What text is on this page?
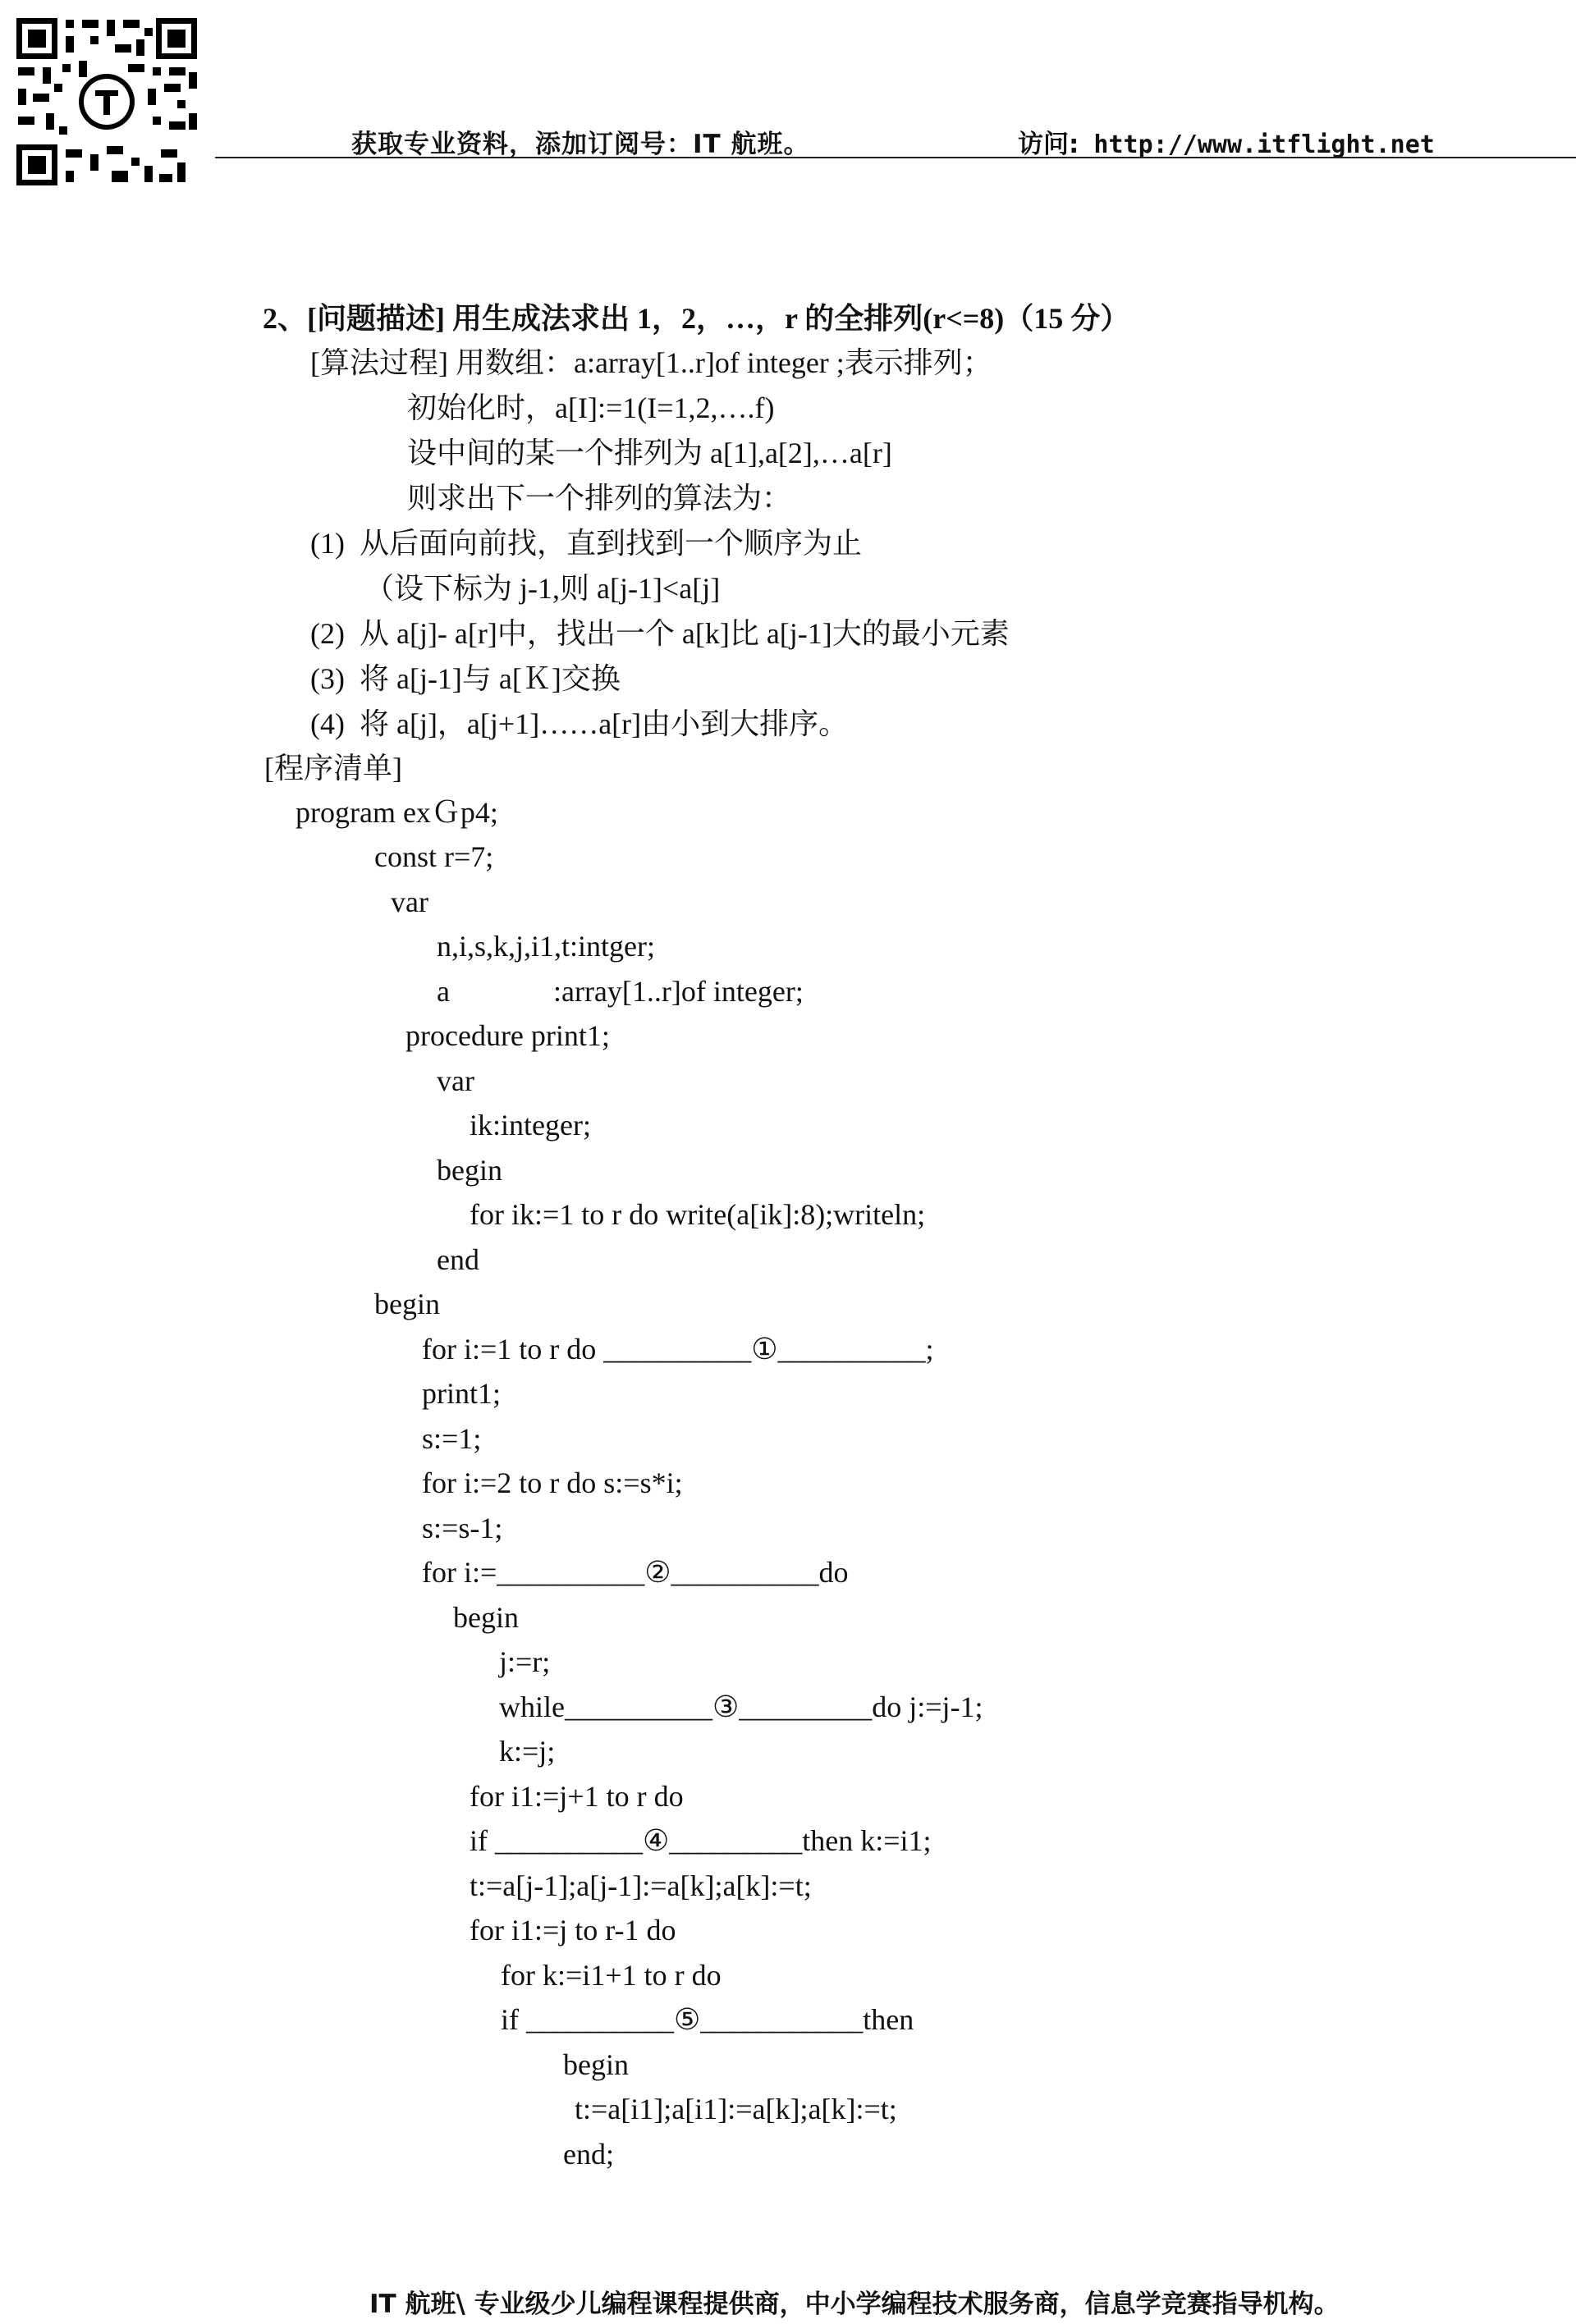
获取专业资料，添加订阅号：IT 航班。	访问: http://www.itflight.net
2、[问题描述] 用生成法求出 1，2，…，r 的全排列(r<=8)（15 分）
[算法过程] 用数组：a:array[1..r]of integer ;表示排列；
初始化时，a[I]:=1(I=1,2,….f)
设中间的某一个排列为 a[1],a[2],…a[r]
则求出下一个排列的算法为：
(1)  从后面向前找，直到找到一个顺序为止
（设下标为 j-1,则 a[j-1]<a[j]
(2)  从 a[j]- a[r]中，找出一个 a[k]比 a[j-1]大的最小元素
(3)  将 a[j-1]与 a[Ｋ]交换
(4)  将 a[j]，a[j+1]……a[r]由小到大排序。
[程序清单]
program exＧp4;
const r=7;
var
n,i,s,k,j,i1,t:intger;
a              :array[1..r]of integer;
procedure print1;
var
ik:integer;
begin
for ik:=1 to r do write(a[ik]:8);writeln;
end
begin
for i:=1 to r do __________①__________;
print1;
s:=1;
for i:=2 to r do s:=s*i;
s:=s-1;
for i:=__________②__________do
begin
j:=r;
while__________③_________do j:=j-1;
k:=j;
for i1:=j+1 to r do
if __________④_________then k:=i1;
t:=a[j-1];a[j-1]:=a[k];a[k]:=t;
for i1:=j to r-1 do
for k:=i1+1 to r do
if __________⑤___________then
begin
t:=a[i1];a[i1]:=a[k];a[k]:=t;
end;
IT 航班\ 专业级少儿编程课程提供商，中小学编程技术服务商，信息学竞赛指导机构。
